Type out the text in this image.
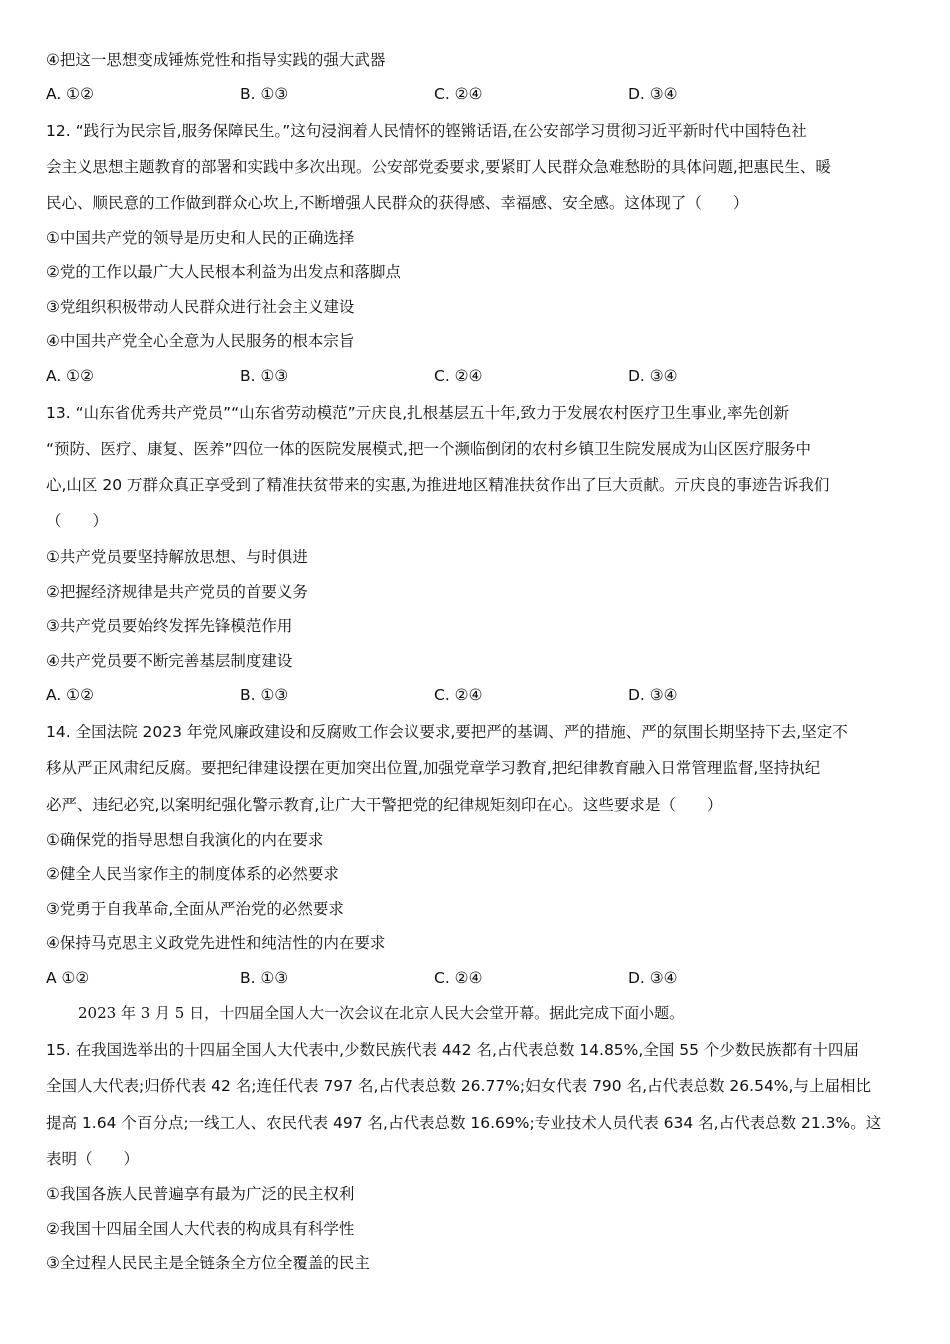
④把这一思想变成锤炼党性和指导实践的强大武器
A. ①②	B. ①③	C. ②④	D. ③④
12. “践行为民宗旨,服务保障民生。”这句浸润着人民情怀的铿锵话语,在公安部学习贯彻习近平新时代中国特色社
会主义思想主题教育的部署和实践中多次出现。公安部党委要求,要紧盯人民群众急难愁盼的具体问题,把惠民生、暖
民心、顺民意的工作做到群众心坎上,不断增强人民群众的获得感、幸福感、安全感。这体现了（　　）
①中国共产党的领导是历史和人民的正确选择
②党的工作以最广大人民根本利益为出发点和落脚点
③党组织积极带动人民群众进行社会主义建设
④中国共产党全心全意为人民服务的根本宗旨
A. ①②	B. ①③	C. ②④	D. ③④
13. “山东省优秀共产党员”“山东省劳动模范”亓庆良,扎根基层五十年,致力于发展农村医疗卫生事业,率先创新
“预防、医疗、康复、医养”四位一体的医院发展模式,把一个濒临倒闭的农村乡镇卫生院发展成为山区医疗服务中
心,山区 20 万群众真正享受到了精准扶贫带来的实惠,为推进地区精准扶贫作出了巨大贡献。亓庆良的事迹告诉我们
（　　）
①共产党员要坚持解放思想、与时俱进
②把握经济规律是共产党员的首要义务
③共产党员要始终发挥先锋模范作用
④共产党员要不断完善基层制度建设
A. ①②	B. ①③	C. ②④	D. ③④
14. 全国法院 2023 年党风廉政建设和反腐败工作会议要求,要把严的基调、严的措施、严的氛围长期坚持下去,坚定不
移从严正风肃纪反腐。要把纪律建设摆在更加突出位置,加强党章学习教育,把纪律教育融入日常管理监督,坚持执纪
必严、违纪必究,以案明纪强化警示教育,让广大干警把党的纪律规矩刻印在心。这些要求是（　　）
①确保党的指导思想自我演化的内在要求
②健全人民当家作主的制度体系的必然要求
③党勇于自我革命,全面从严治党的必然要求
④保持马克思主义政党先进性和纯洁性的内在要求
A ①②	B. ①③	C. ②④	D. ③④
2023 年 3 月 5 日，十四届全国人大一次会议在北京人民大会堂开幕。据此完成下面小题。
15. 在我国选举出的十四届全国人大代表中,少数民族代表 442 名,占代表总数 14.85%,全国 55 个少数民族都有十四届
全国人大代表;归侨代表 42 名;连任代表 797 名,占代表总数 26.77%;妇女代表 790 名,占代表总数 26.54%,与上届相比
提高 1.64 个百分点;一线工人、农民代表 497 名,占代表总数 16.69%;专业技术人员代表 634 名,占代表总数 21.3%。这
表明（　　）
①我国各族人民普遍享有最为广泛的民主权利
②我国十四届全国人大代表的构成具有科学性
③全过程人民民主是全链条全方位全覆盖的民主
